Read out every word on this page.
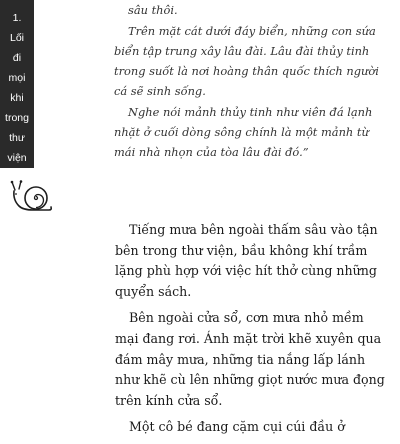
1.
Lối
đi
mọi
khi
trong
thư
viện

sâu thôi.

Trên mặt cát dưới đáy biển, những con sứa biển tập trung xây lâu đài. Lâu đài thủy tinh trong suốt là nơi hoàng thân quốc thích người cá sẽ sinh sống.

Nghe nói mảnh thủy tinh như viên đá lạnh nhặt ở cuối dòng sông chính là một mảnh từ mái nhà nhọn của tòa lâu đài đó.”

Tiếng mưa bên ngoài thấm sâu vào tận bên trong thư viện, bầu không khí trầm lặng phù hợp với việc hít thở cùng những quyển sách.

Bên ngoài cửa sổ, cơn mưa nhỏ mềm mại đang rơi. Ánh mặt trời khẽ xuyên qua đám mây mưa, những tia nắng lấp lánh như khẽ cù lên những giọt nước mưa đọng trên kính cửa sổ.

Một cô bé đang cặm cụi cúi đầu ở
